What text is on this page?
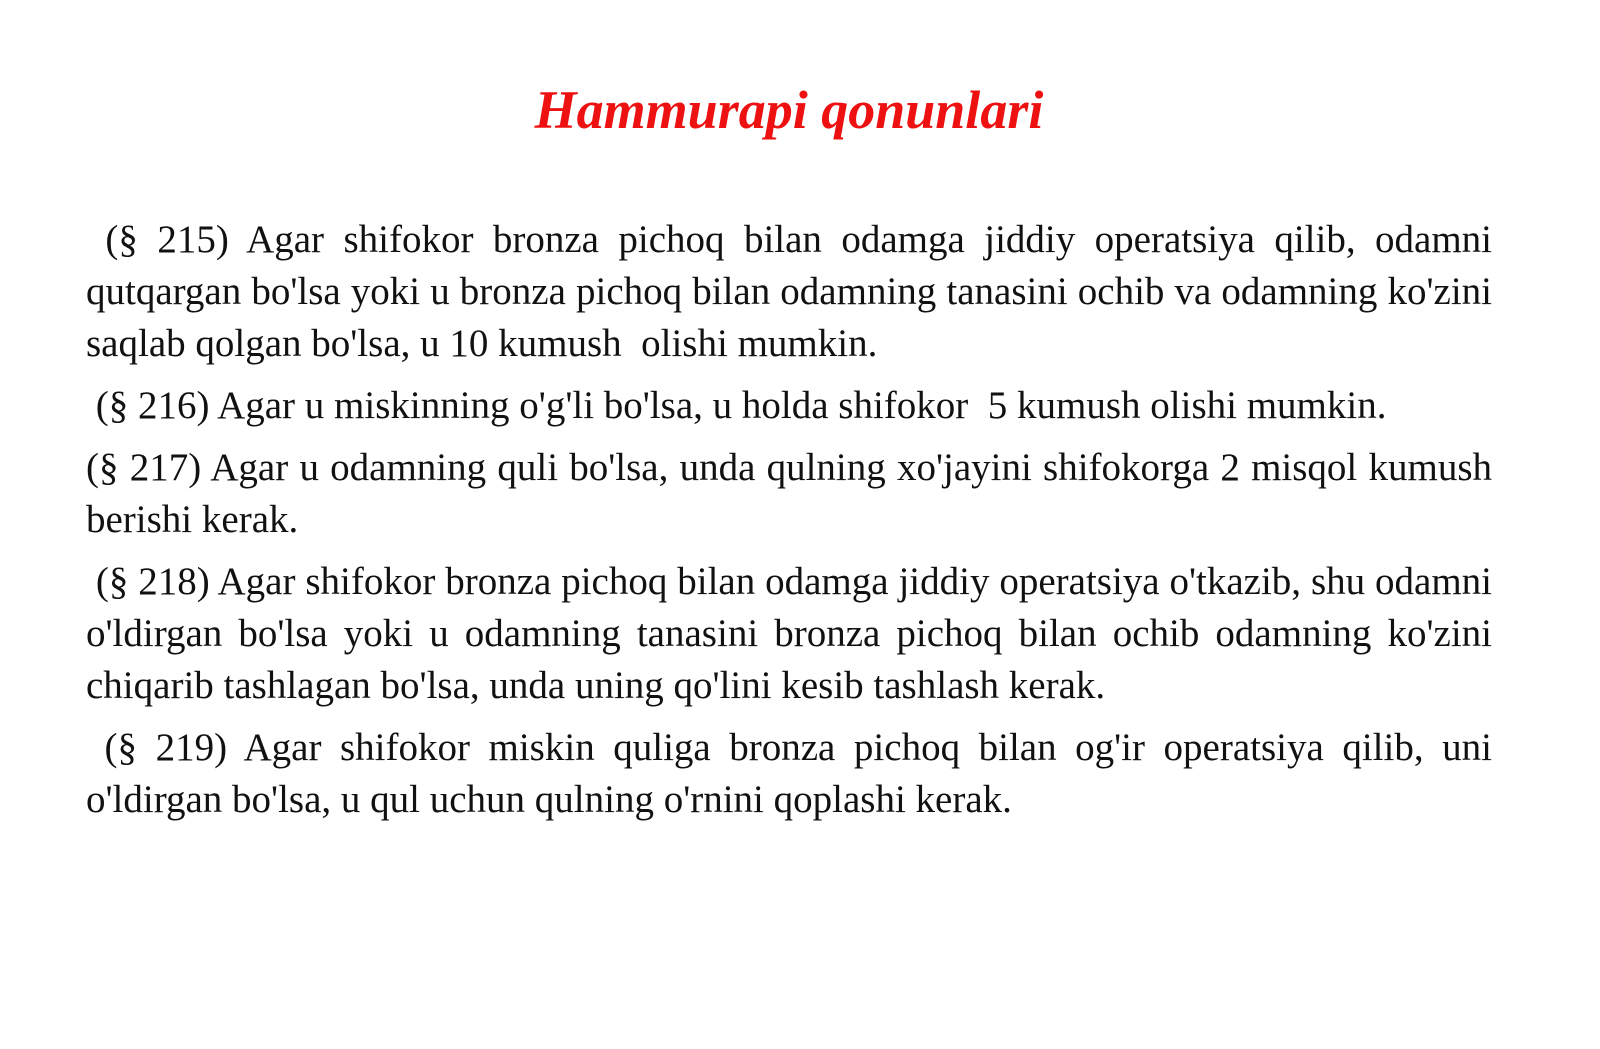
Hammurapi qonunlari

(§ 215) Agar shifokor bronza pichoq bilan odamga jiddiy operatsiya qilib, odamni qutqargan bo'lsa yoki u bronza pichoq bilan odamning tanasini ochib va odamning ko'zini saqlab qolgan bo'lsa, u 10 kumush  olishi mumkin.

(§ 216) Agar u miskinning o'g'li bo'lsa, u holda shifokor  5 kumush olishi mumkin.

(§ 217) Agar u odamning quli bo'lsa, unda qulning xo'jayini shifokorga 2 misqol kumush berishi kerak.

(§ 218) Agar shifokor bronza pichoq bilan odamga jiddiy operatsiya o'tkazib, shu odamni o'ldirgan bo'lsa yoki u odamning tanasini bronza pichoq bilan ochib odamning ko'zini chiqarib tashlagan bo'lsa, unda uning qo'lini kesib tashlash kerak.

(§ 219) Agar shifokor miskin quliga bronza pichoq bilan og'ir operatsiya qilib, uni o'ldirgan bo'lsa, u qul uchun qulning o'rnini qoplashi kerak.
